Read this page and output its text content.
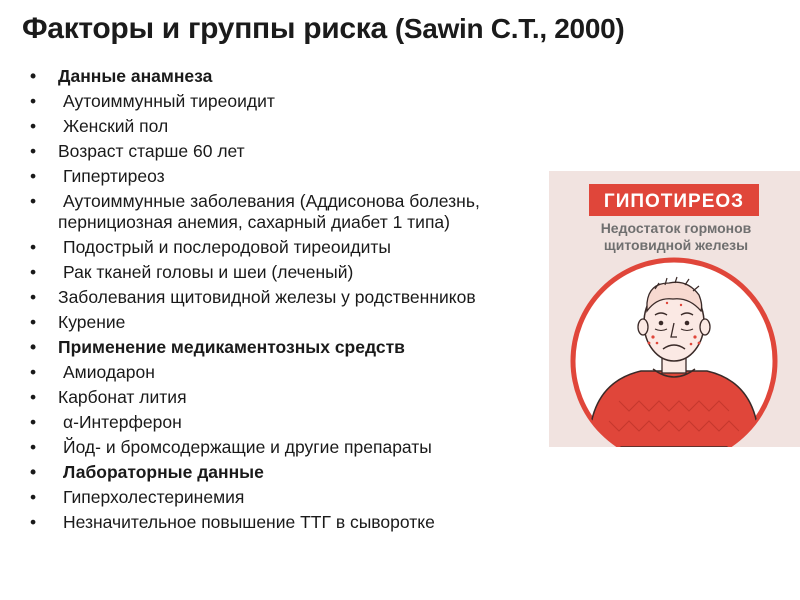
Факторы и группы риска (Sawin С.Т., 2000)
• Данные анамнеза
• Аутоиммунный тиреоидит
• Женский пол
• Возраст старше 60 лет
• Гипертиреоз
• Аутоиммунные заболевания (Аддисонова болезнь, пернициозная анемия, сахарный диабет 1 типа)
• Подострый и послеродовой тиреоидиты
• Рак тканей головы и шеи (леченый)
• Заболевания щитовидной железы у родственников
• Курение
• Применение медикаментозных средств
• Амиодарон
• Карбонат лития
• α-Интерферон
• Йод- и бромсодержащие и другие препараты
• Лабораторные данные
• Гиперхолестеринемия
• Незначительное повышение ТТГ в сыворотке
ГИПОТИРЕОЗ
Недостаток гормонов
щитовидной железы
